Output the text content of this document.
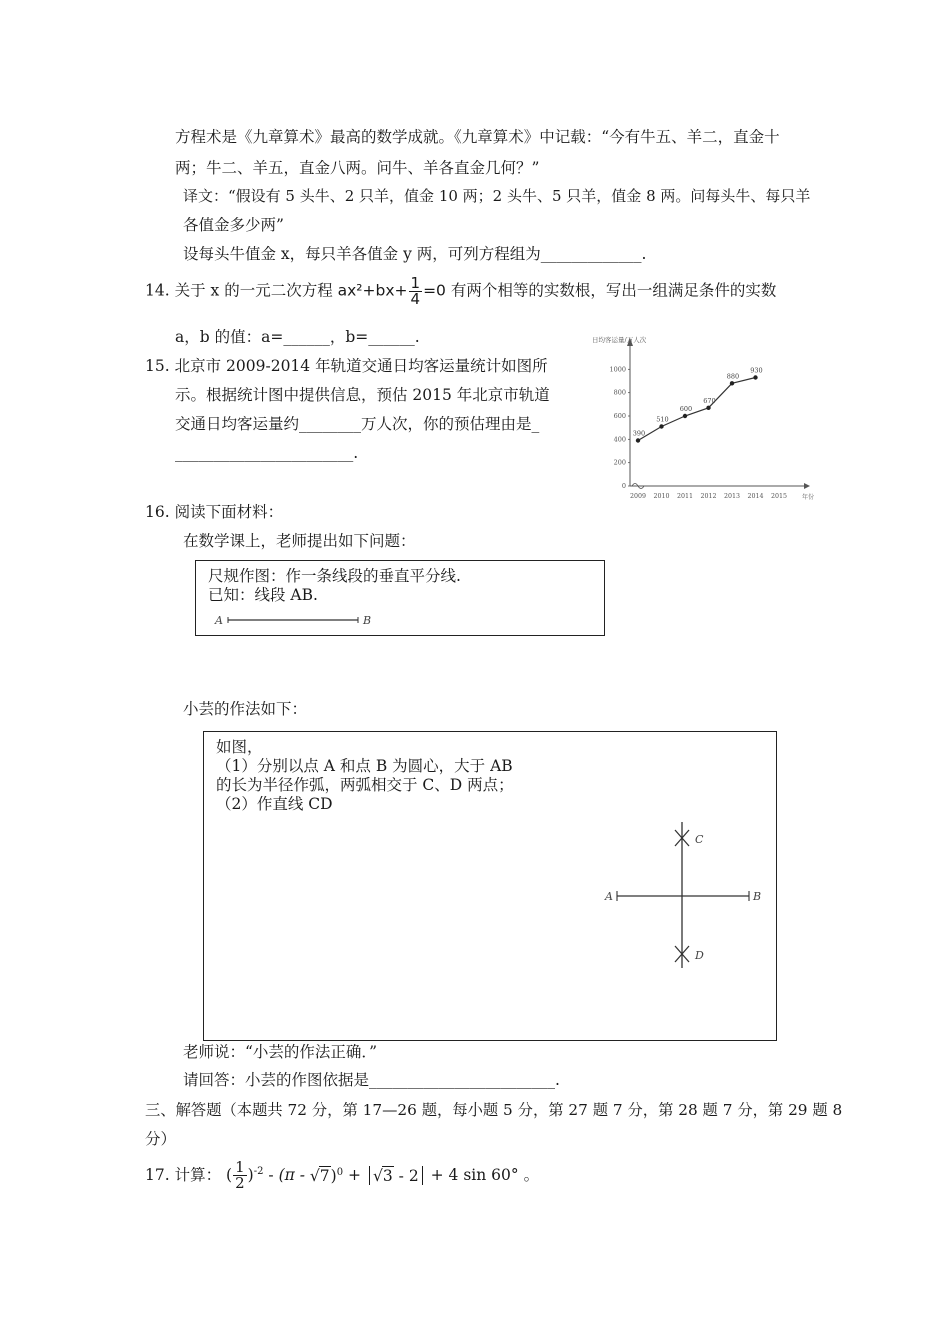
方程术是《九章算术》最高的数学成就。《九章算术》中记载：“今有牛五、羊二，直金十
两；牛二、羊五，直金八两。问牛、羊各直金几何？”
译文：“假设有 5 头牛、2 只羊，值金 10 两；2 头牛、5 只羊，值金 8 两。问每头牛、每只羊
各值金多少两”
设每头牛值金 x，每只羊各值金 y 两，可列方程组为_____________.
14. 关于 x 的一元二次方程 $ax^2+bx+ \frac{1}{4} =0$ 有两个相等的实数根，写出一组满足条件的实数
a，b 的值：a=______，b=______.
15. 北京市 2009-2014 年轨道交通日均客运量统计如图所
示。根据统计图中提供信息，预估 2015 年北京市轨道
交通日均客运量约________万人次，你的预估理由是_
_______________________.
日均客运量/万人次
年份
0
200
400
600
800
1000
2009 2010 2011 2012 2013 2014 2015
390
510
600
670
880
930
16. 阅读下面材料：
在数学课上，老师提出如下问题：
尺规作图：作一条线段的垂直平分线.
已知：线段 AB.
A	B
小芸的作法如下：
如图，
（1）分别以点 A 和点 B 为圆心，大于 AB
的长为半径作弧，两弧相交于 C、D 两点；
（2）作直线 CD
A	B
C
D
老师说：“小芸的作法正确．”
请回答：小芸的作图依据是________________________.
三、解答题（本题共 72 分，第 17—26 题，每小题 5 分，第 27 题 7 分，第 28 题 7 分，第 29 题 8
分）
17. 计算： ( $\frac{1}{2} )^{-2} - (\pi - √7)^0 + √3 - 2 + 4$ sin 60° 。
